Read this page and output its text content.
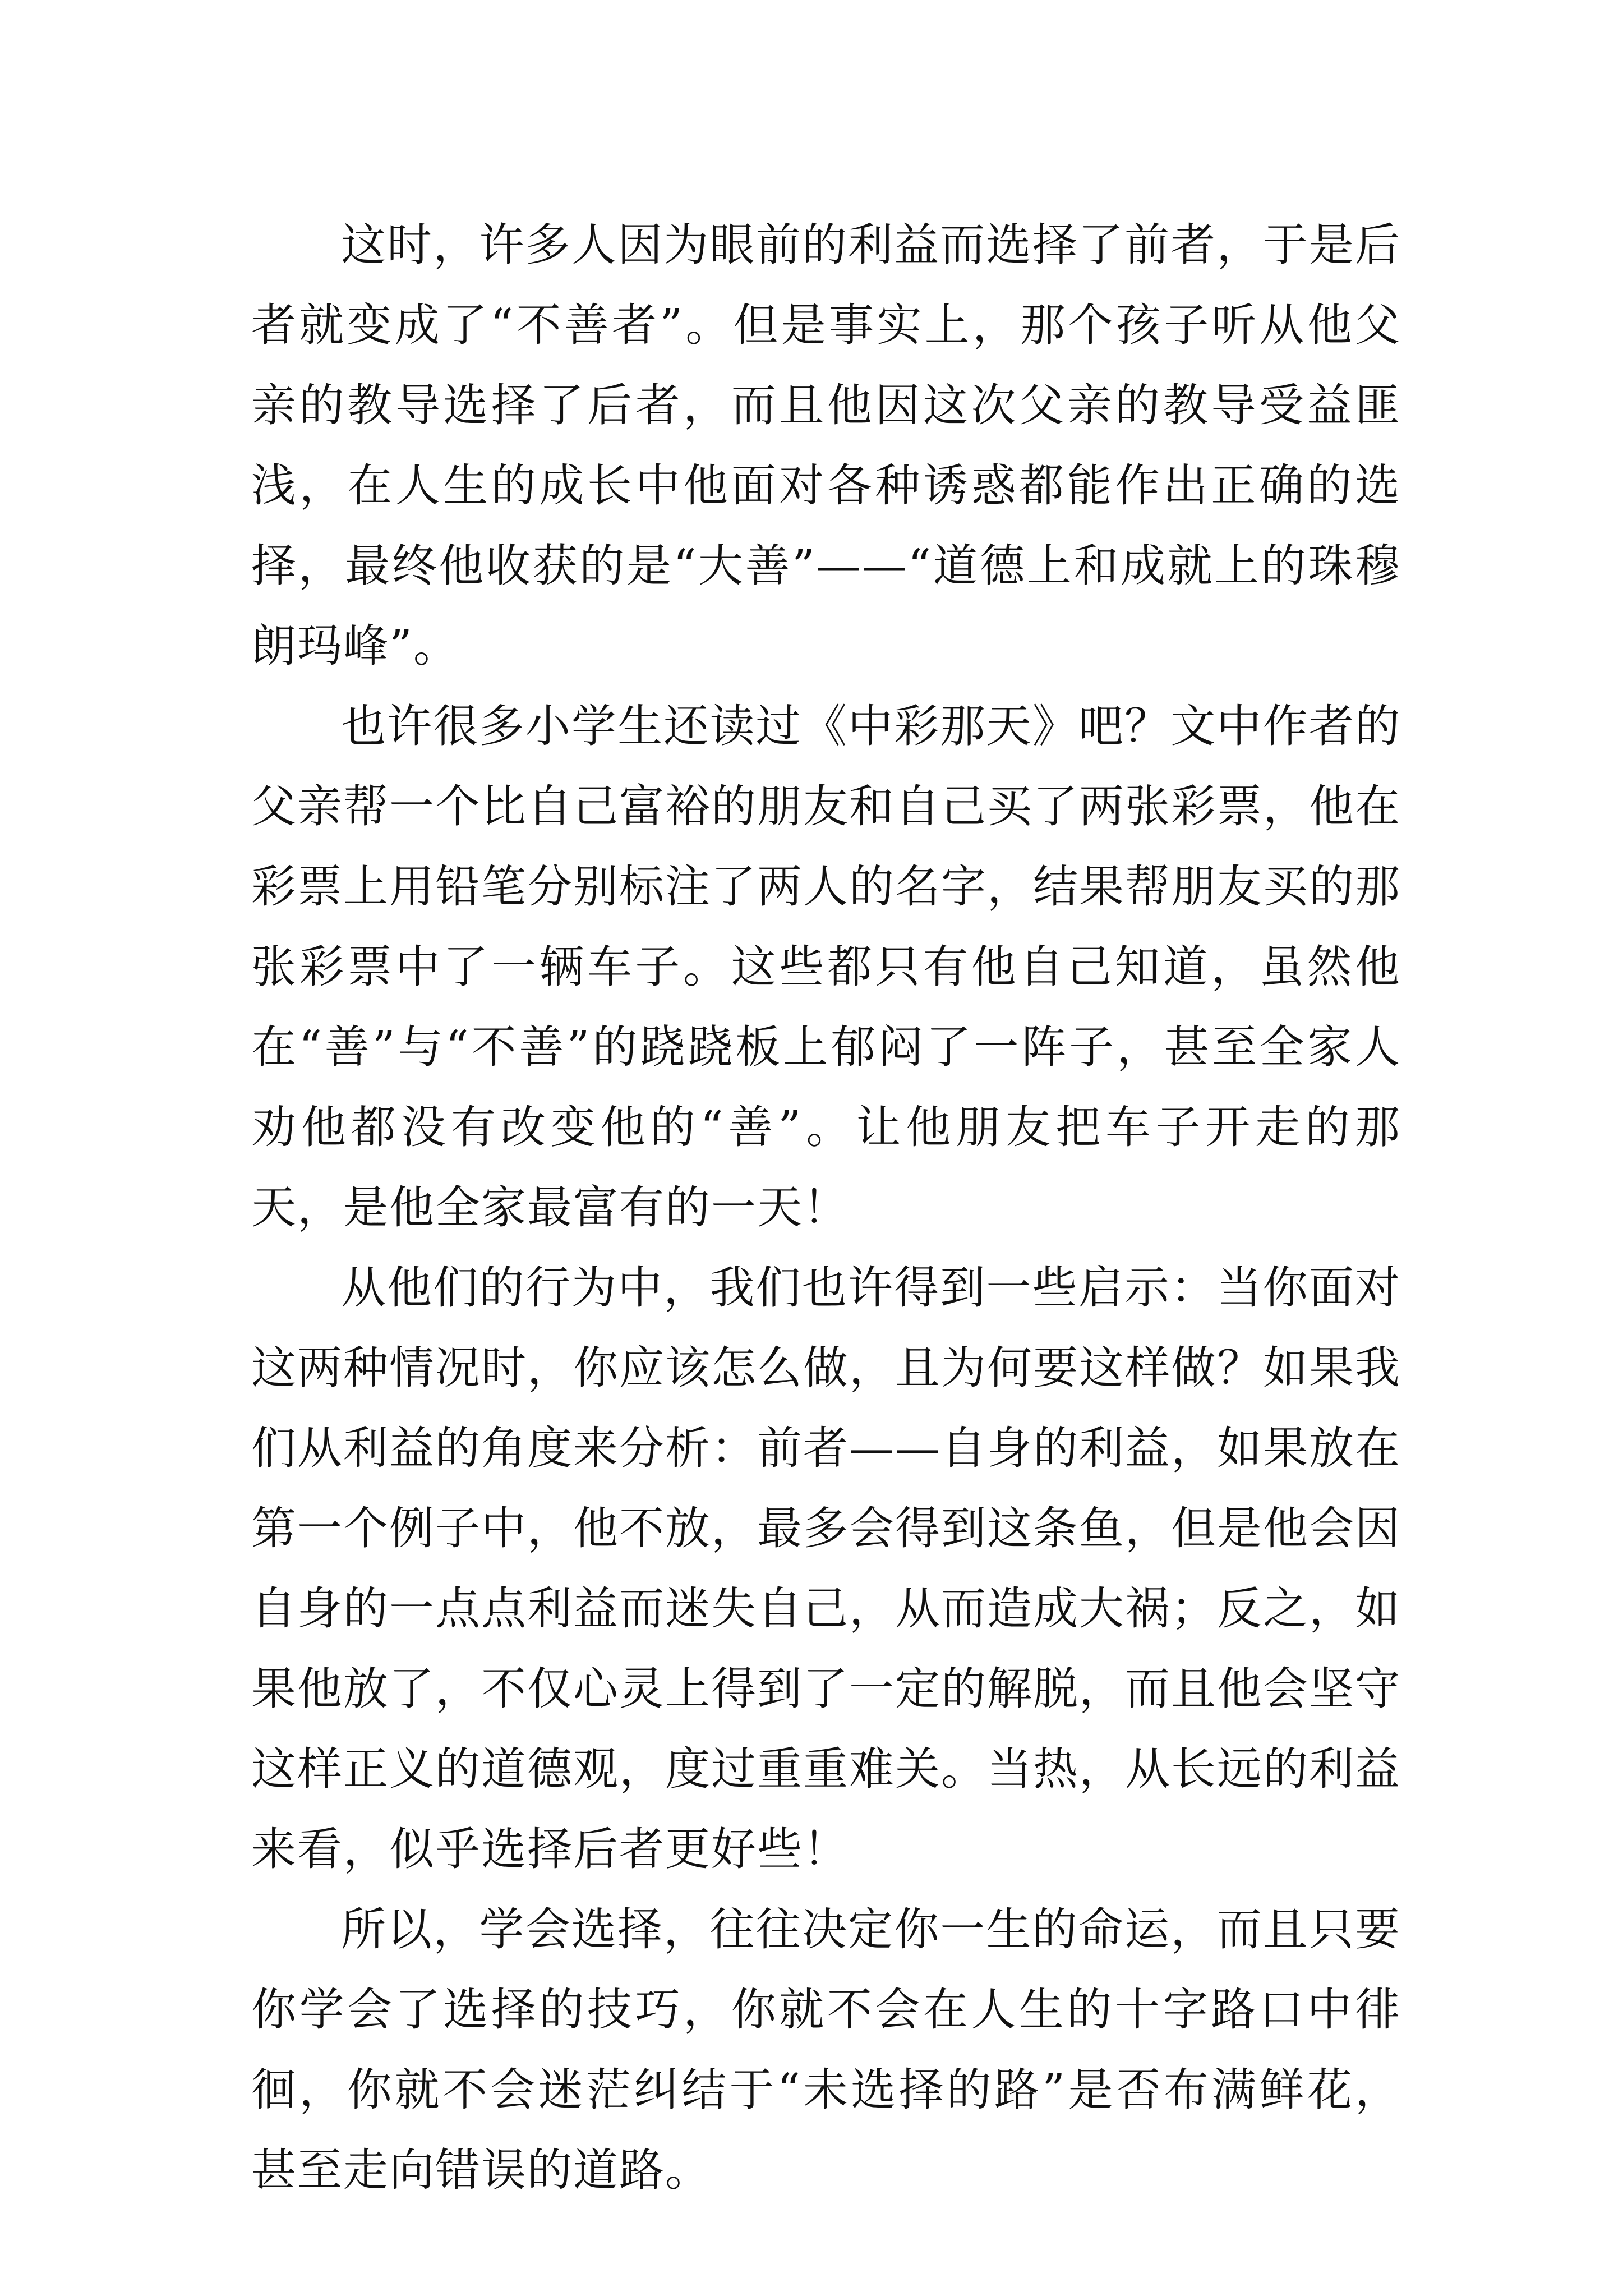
这时，许多人因为眼前的利益而选择了前者，于是后者就变成了“不善者”。但是事实上，那个孩子听从他父亲的教导选择了后者，而且他因这次父亲的教导受益匪浅，在人生的成长中他面对各种诱惑都能作出正确的选择，最终他收获的是“大善”——“道德上和成就上的珠穆朗玛峰”。

也许很多小学生还读过《中彩那天》吧？文中作者的父亲帮一个比自己富裕的朋友和自己买了两张彩票，他在彩票上用铅笔分别标注了两人的名字，结果帮朋友买的那张彩票中了一辆车子。这些都只有他自己知道，虽然他在“善”与“不善”的跷跷板上郁闷了一阵子，甚至全家人劝他都没有改变他的“善”。让他朋友把车子开走的那天，是他全家最富有的一天！

从他们的行为中，我们也许得到一些启示：当你面对这两种情况时，你应该怎么做，且为何要这样做？如果我们从利益的角度来分析：前者——自身的利益，如果放在第一个例子中，他不放，最多会得到这条鱼，但是他会因自身的一点点利益而迷失自己，从而造成大祸；反之，如果他放了，不仅心灵上得到了一定的解脱，而且他会坚守这样正义的道德观，度过重重难关。当热，从长远的利益来看，似乎选择后者更好些！

所以，学会选择，往往决定你一生的命运，而且只要你学会了选择的技巧，你就不会在人生的十字路口中徘徊，你就不会迷茫纠结于“未选择的路”是否布满鲜花，甚至走向错误的道路。
